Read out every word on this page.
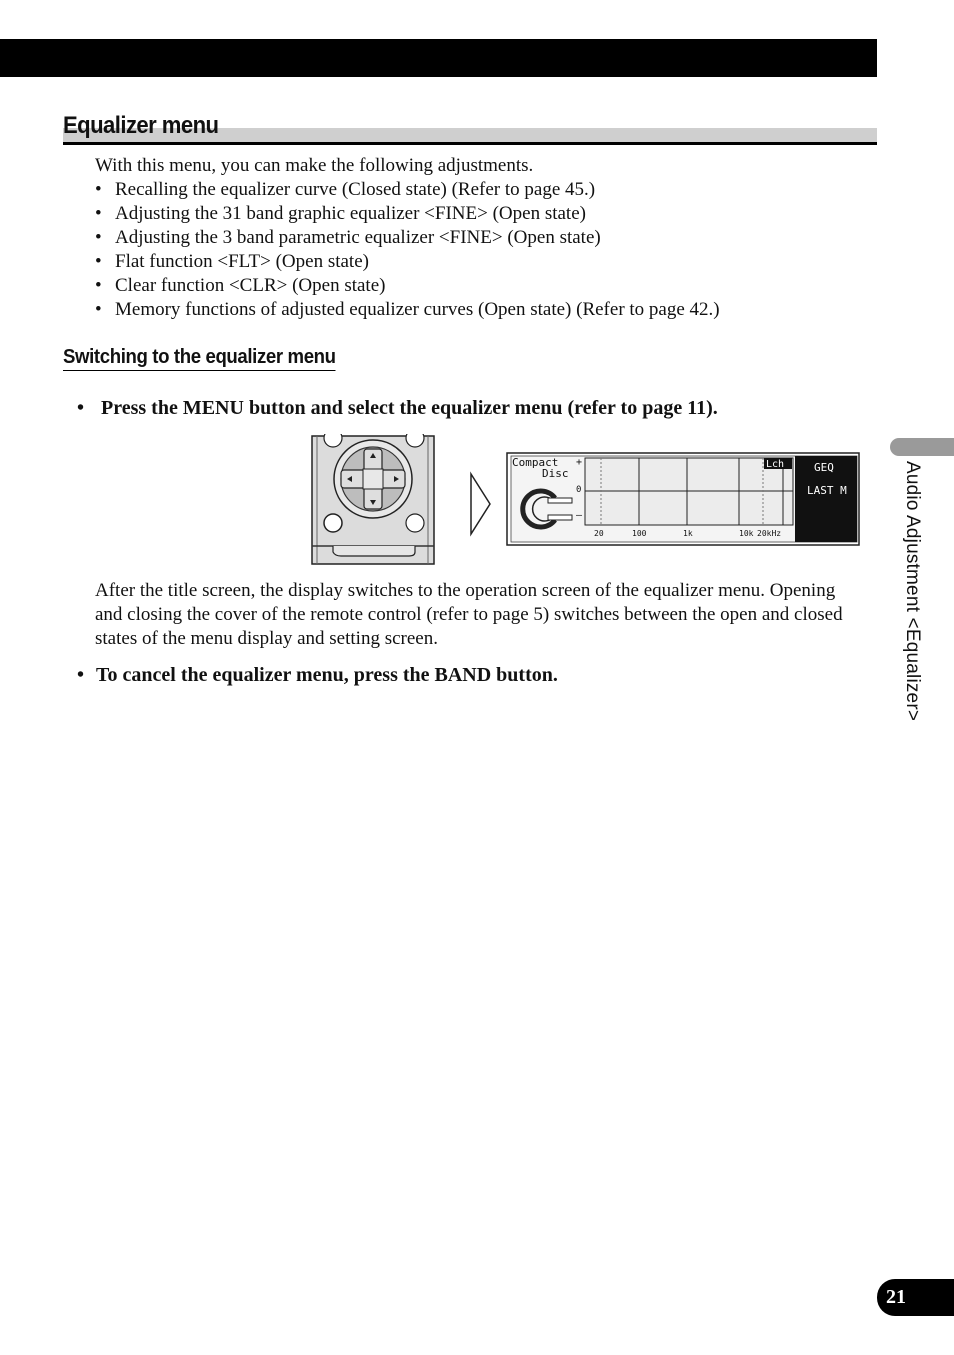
Equalizer menu

With this menu, you can make the following adjustments.

• Recalling the equalizer curve (Closed state) (Refer to page 45.)
• Adjusting the 31 band graphic equalizer <FINE> (Open state)
• Adjusting the 3 band parametric equalizer <FINE> (Open state)
• Flat function <FLT> (Open state)
• Clear function <CLR> (Open state)
• Memory functions of adjusted equalizer curves (Open state) (Refer to page 42.)
Switching to the equalizer menu

• Press the MENU button and select the equalizer menu (refer to page 11).

Compact
Disc
+
0
–
Lch	GEQ
LAST M
20	100	1k	10k 20kHz

After the title screen, the display switches to the operation screen of the equalizer menu. Opening and closing the cover of the remote control (refer to page 5) switches between the open and closed states of the menu display and setting screen.

• To cancel the equalizer menu, press the BAND button.	Audio Adjustment <Equalizer>
21
